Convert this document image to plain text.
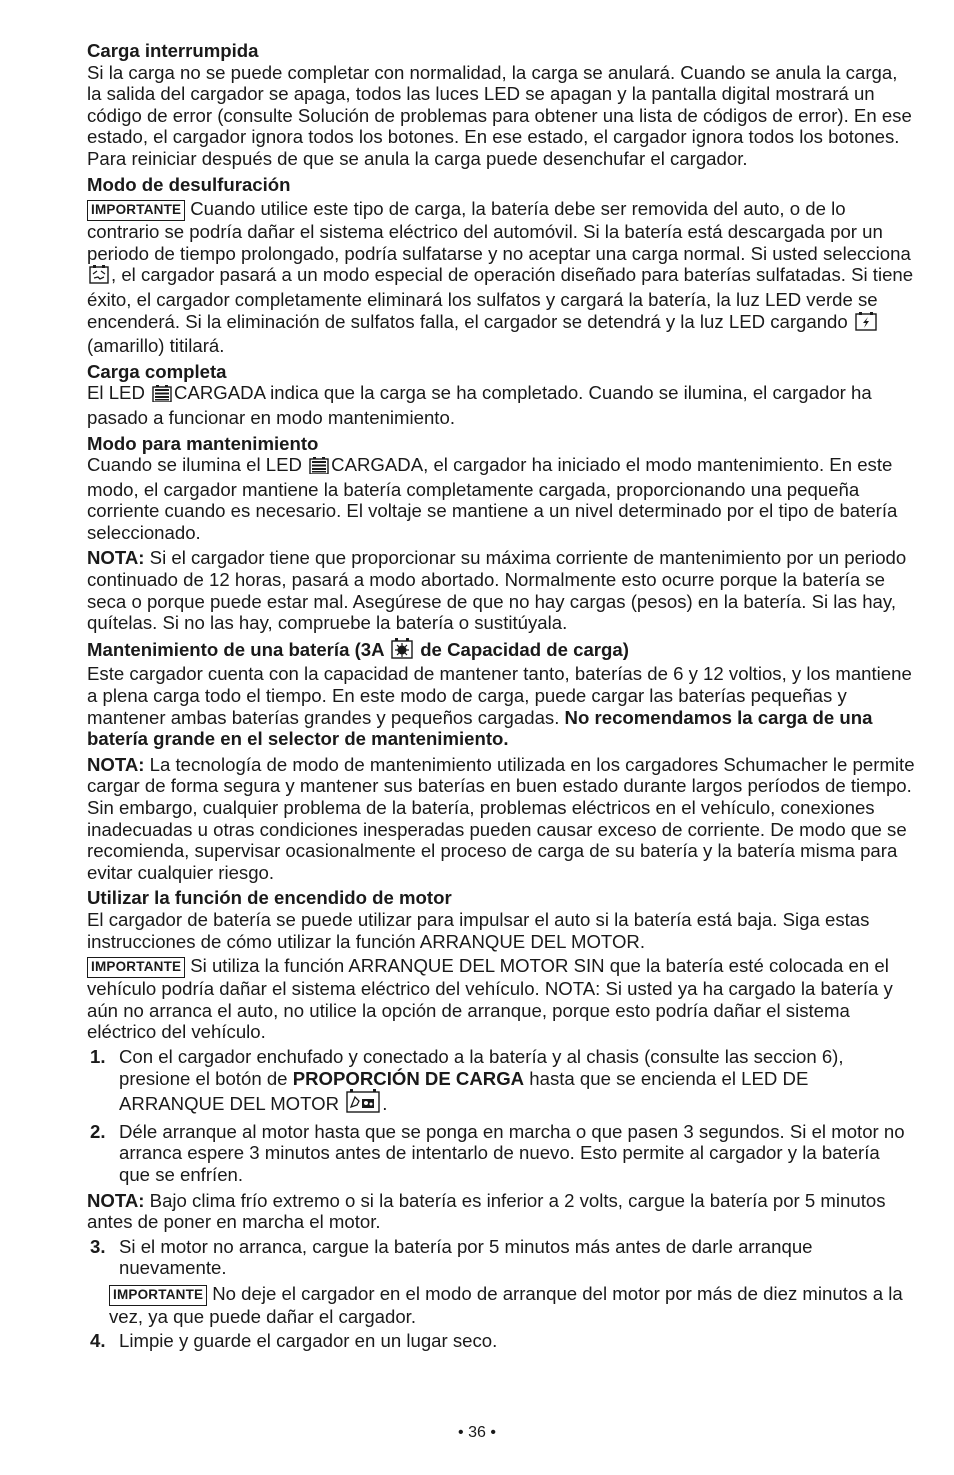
Carga interrumpida

Si la carga no se puede completar con normalidad, la carga se anulará. Cuando se anula la carga, la salida del cargador se apaga, todos las luces LED se apagan y la pantalla digital mostrará un código de error (consulte Solución de problemas para obtener una lista de códigos de error). En ese estado, el cargador ignora todos los botones. En ese estado, el cargador ignora todos los botones. Para reiniciar después de que se anula la carga puede desenchufar el cargador.

Modo de desulfuración

IMPORTANTE Cuando utilice este tipo de carga, la batería debe ser removida del auto, o de lo contrario se podría dañar el sistema eléctrico del automóvil. Si la batería está descargada por un periodo de tiempo prolongado, podría sulfatarse y no aceptar una carga normal. Si usted selecciona , el cargador pasará a un modo especial de operación diseñado para baterías sulfatadas. Si tiene éxito, el cargador completamente eliminará los sulfatos y cargará la batería, la luz LED verde se encenderá. Si la eliminación de sulfatos falla, el cargador se detendrá y la luz LED cargando  (amarillo) titilará.

Carga completa

El LED CARGADA indica que la carga se ha completado. Cuando se ilumina, el cargador ha pasado a funcionar en modo mantenimiento.

Modo para mantenimiento

Cuando se ilumina el LED CARGADA, el cargador ha iniciado el modo mantenimiento. En este modo, el cargador mantiene la batería completamente cargada, proporcionando una pequeña corriente cuando es necesario. El voltaje se mantiene a un nivel determinado por el tipo de batería seleccionado.

NOTA: Si el cargador tiene que proporcionar su máxima corriente de mantenimiento por un periodo continuado de 12 horas, pasará a modo abortado. Normalmente esto ocurre porque la batería se seca o porque puede estar mal. Asegúrese de que no hay cargas (pesos) en la batería. Si las hay, quítelas. Si no las hay, compruebe la batería o sustitúyala.

Mantenimiento de una batería (3A de Capacidad de carga)

Este cargador cuenta con la capacidad de mantener tanto, baterías de 6 y 12 voltios, y los mantiene a plena carga todo el tiempo. En este modo de carga, puede cargar las baterías pequeñas y mantener ambas baterías grandes y pequeños cargadas. No recomendamos la carga de una batería grande en el selector de mantenimiento.

NOTA: La tecnología de modo de mantenimiento utilizada en los cargadores Schumacher le permite cargar de forma segura y mantener sus baterías en buen estado durante largos períodos de tiempo. Sin embargo, cualquier problema de la batería, problemas eléctricos en el vehículo, conexiones inadecuadas u otras condiciones inesperadas pueden causar exceso de corriente. De modo que se recomienda, supervisar ocasionalmente el proceso de carga de su batería y la batería misma para evitar cualquier riesgo.

Utilizar la función de encendido de motor

El cargador de batería se puede utilizar para impulsar el auto si la batería está baja. Siga estas instrucciones de cómo utilizar la función ARRANQUE DEL MOTOR.

IMPORTANTE Si utiliza la función ARRANQUE DEL MOTOR SIN que la batería esté colocada en el vehículo podría dañar el sistema eléctrico del vehículo. NOTA: Si usted ya ha cargado la batería y aún no arranca el auto, no utilice la opción de arranque, porque esto podría dañar el sistema eléctrico del vehículo.

1. Con el cargador enchufado y conectado a la batería y al chasis (consulte las seccion 6), presione el botón de PROPORCIÓN DE CARGA hasta que se encienda el LED DE ARRANQUE DEL MOTOR .
2. Déle arranque al motor hasta que se ponga en marcha o que pasen 3 segundos. Si el motor no arranca espere 3 minutos antes de intentarlo de nuevo. Esto permite al cargador y la batería que se enfríen.

NOTA: Bajo clima frío extremo o si la batería es inferior a 2 volts, cargue la batería por 5 minutos antes de poner en marcha el motor.

3. Si el motor no arranca, cargue la batería por 5 minutos más antes de darle arranque nuevamente.

IMPORTANTE No deje el cargador en el modo de arranque del motor por más de diez minutos a la vez, ya que puede dañar el cargador.

4. Limpie y guarde el cargador en un lugar seco.
• 36 •
